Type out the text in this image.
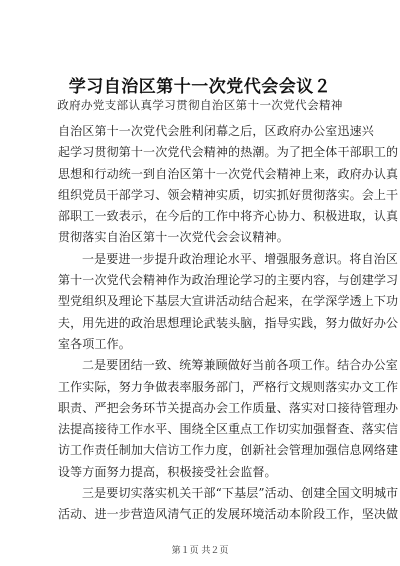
学习自治区第十一次党代会会议２
政府办党支部认真学习贯彻自治区第十一次党代会精神
自治区第十一次党代会胜利闭幕之后，区政府办公室迅速兴
起学习贯彻第十一次党代会精神的热潮。为了把全体干部职工的
思想和行动统一到自治区第十一次党代会精神上来，政府办认真
组织党员干部学习、领会精神实质，切实抓好贯彻落实。会上干
部职工一致表示，在今后的工作中将齐心协力、积极进取，认真
贯彻落实自治区第十一次党代会会议精神。
一是要进一步提升政治理论水平、增强服务意识。将自治区
第十一次党代会精神作为政治理论学习的主要内容，与创建学习
型党组织及理论下基层大宣讲活动结合起来，在学深学透上下功
夫，用先进的政治思想理论武装头脑，指导实践，努力做好办公
室各项工作。
二是要团结一致、统筹兼顾做好当前各项工作。结合办公室
工作实际，努力争做表率服务部门，严格行文规则落实办文工作
职责、严把会务环节关提高办会工作质量、落实对口接待管理办
法提高接待工作水平、围绕全区重点工作切实加强督查、落实信
访工作责任制加大信访工作力度，创新社会管理加强信息网络建
设等方面努力提高，积极接受社会监督。
三是要切实落实机关干部“下基层”活动、创建全国文明城市
活动、进一步营造风清气正的发展环境活动本阶段工作，坚决做
第１页 共２页
